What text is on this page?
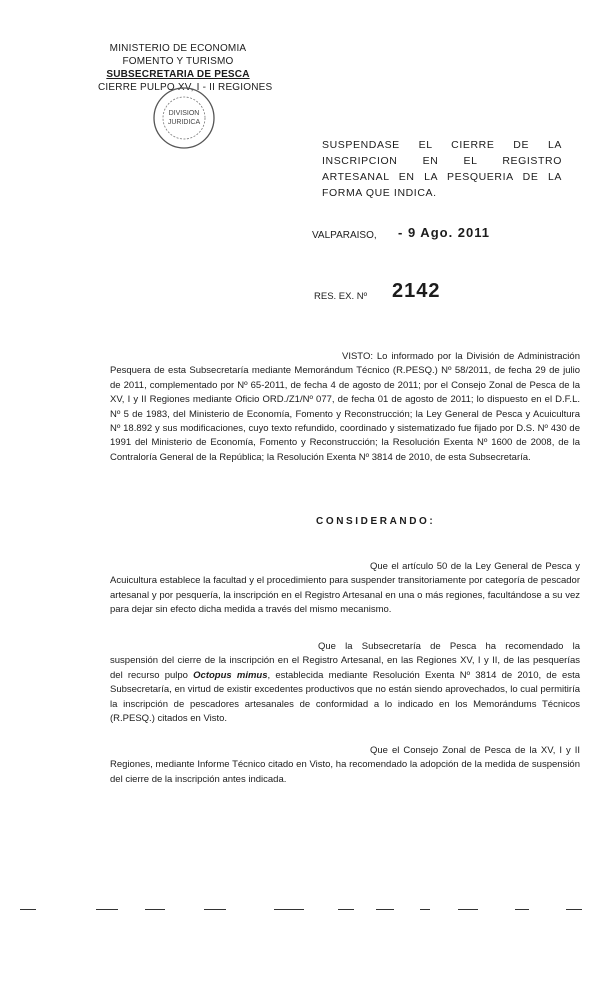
MINISTERIO DE ECONOMIA
FOMENTO Y TURISMO
SUBSECRETARIA DE PESCA
CIERRE PULPO XV, I - II REGIONES
DIVISION
JURIDICA
SUSPENDASE EL CIERRE DE LA INSCRIPCION EN EL REGISTRO ARTESANAL EN LA PESQUERIA DE LA FORMA QUE INDICA.
VALPARAISO, - 9 Ago. 2011
RES. EX. Nº 2142

VISTO: Lo informado por la División de Administración Pesquera de esta Subsecretaría mediante Memorándum Técnico (R.PESQ.) Nº 58/2011, de fecha 29 de julio de 2011, complementado por Nº 65-2011, de fecha 4 de agosto de 2011; por el Consejo Zonal de Pesca de la XV, I y II Regiones mediante Oficio ORD./Z1/Nº 077, de fecha 01 de agosto de 2011; lo dispuesto en el D.F.L. Nº 5 de 1983, del Ministerio de Economía, Fomento y Reconstrucción; la Ley General de Pesca y Acuicultura Nº 18.892 y sus modificaciones, cuyo texto refundido, coordinado y sistematizado fue fijado por D.S. Nº 430 de 1991 del Ministerio de Economía, Fomento y Reconstrucción; la Resolución Exenta Nº 1600 de 2008, de la Contraloría General de la República; la Resolución Exenta Nº 3814 de 2010, de esta Subsecretaría.

CONSIDERANDO:

Que el artículo 50 de la Ley General de Pesca y Acuicultura establece la facultad y el procedimiento para suspender transitoriamente por categoría de pescador artesanal y por pesquería, la inscripción en el Registro Artesanal en una o más regiones, facultándose a su vez para dejar sin efecto dicha medida a través del mismo mecanismo.

Que la Subsecretaría de Pesca ha recomendado la suspensión del cierre de la inscripción en el Registro Artesanal, en las Regiones XV, I y II, de las pesquerías del recurso pulpo Octopus mimus, establecida mediante Resolución Exenta Nº 3814 de 2010, de esta Subsecretaría, en virtud de existir excedentes productivos que no están siendo aprovechados, lo cual permitiría la inscripción de pescadores artesanales de conformidad a lo indicado en los Memorándums Técnicos (R.PESQ.) citados en Visto.

Que el Consejo Zonal de Pesca de la XV, I y II Regiones, mediante Informe Técnico citado en Visto, ha recomendado la adopción de la medida de suspensión del cierre de la inscripción antes indicada.
